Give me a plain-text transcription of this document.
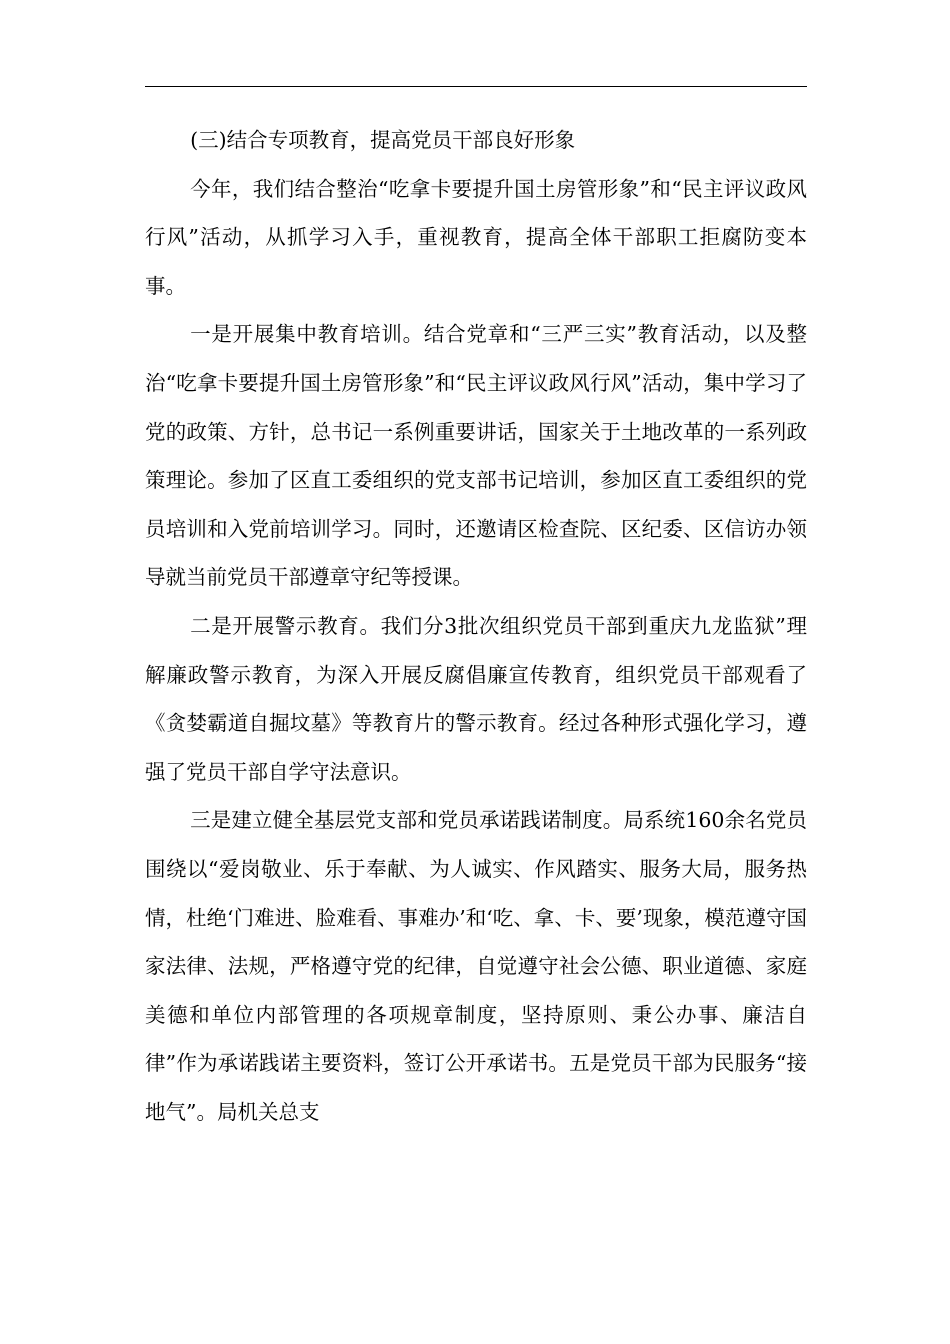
(三)结合专项教育，提高党员干部良好形象

今年，我们结合整治“吃拿卡要提升国土房管形象”和“民主评议政风行风”活动，从抓学习入手，重视教育，提高全体干部职工拒腐防变本事。

一是开展集中教育培训。结合党章和“三严三实”教育活动，以及整治“吃拿卡要提升国土房管形象”和“民主评议政风行风”活动，集中学习了党的政策、方针，总书记一系例重要讲话，国家关于土地改革的一系列政策理论。参加了区直工委组织的党支部书记培训，参加区直工委组织的党员培训和入党前培训学习。同时，还邀请区检查院、区纪委、区信访办领导就当前党员干部遵章守纪等授课。

二是开展警示教育。我们分3批次组织党员干部到重庆九龙监狱”理解廉政警示教育，为深入开展反腐倡廉宣传教育，组织党员干部观看了《贪婪霸道自掘坟墓》等教育片的警示教育。经过各种形式强化学习，遵强了党员干部自学守法意识。

三是建立健全基层党支部和党员承诺践诺制度。局系统160余名党员围绕以“爱岗敬业、乐于奉献、为人诚实、作风踏实、服务大局，服务热情，杜绝‘门难进、脸难看、事难办’和‘吃、拿、卡、要’现象，模范遵守国家法律、法规，严格遵守党的纪律，自觉遵守社会公德、职业道德、家庭美德和单位内部管理的各项规章制度，坚持原则、秉公办事、廉洁自律”作为承诺践诺主要资料，签订公开承诺书。五是党员干部为民服务“接地气”。局机关总支
